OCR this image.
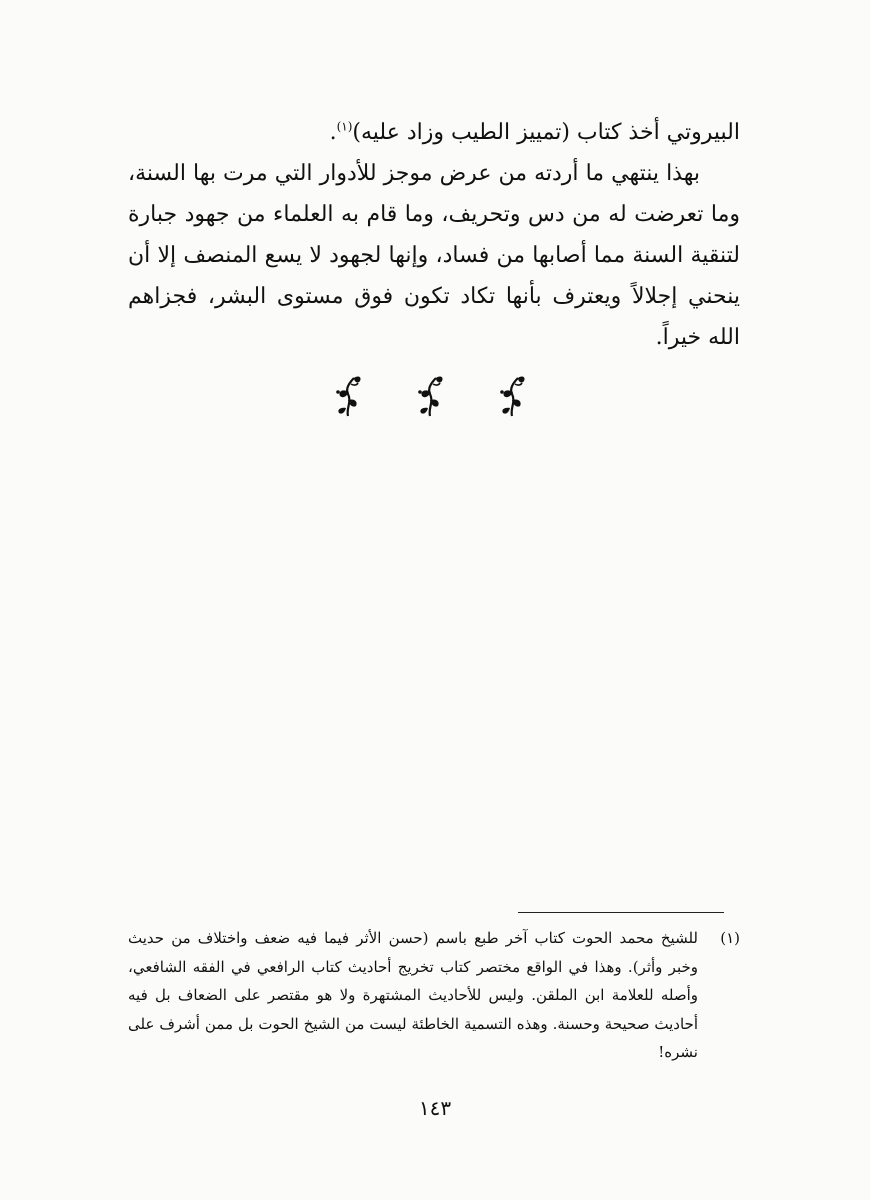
البيروتي أخذ كتاب (تمييز الطيب وزاد عليه)$^{(١)}$.

بهذا ينتهي ما أردته من عرض موجز للأدوار التي مرت بها السنة، وما تعرضت له من دس وتحريف، وما قام به العلماء من جهود جبارة لتنقية السنة مما أصابها من فساد، وإنها لجهود لا يسع المنصف إلا أن ينحني إجلالاً ويعترف بأنها تكاد تكون فوق مستوى البشر، فجزاهم الله خيراً.

(١)

للشيخ محمد الحوت كتاب آخر طبع باسم (حسن الأثر فيما فيه ضعف واختلاف من حديث وخبر وأثر). وهذا في الواقع مختصر كتاب تخريج أحاديث كتاب الرافعي في الفقه الشافعي، وأصله للعلامة ابن الملقن. وليس للأحاديث المشتهرة ولا هو مقتصر على الضعاف بل فيه أحاديث صحيحة وحسنة. وهذه التسمية الخاطئة ليست من الشيخ الحوت بل ممن أشرف على نشره!

١٤٣
